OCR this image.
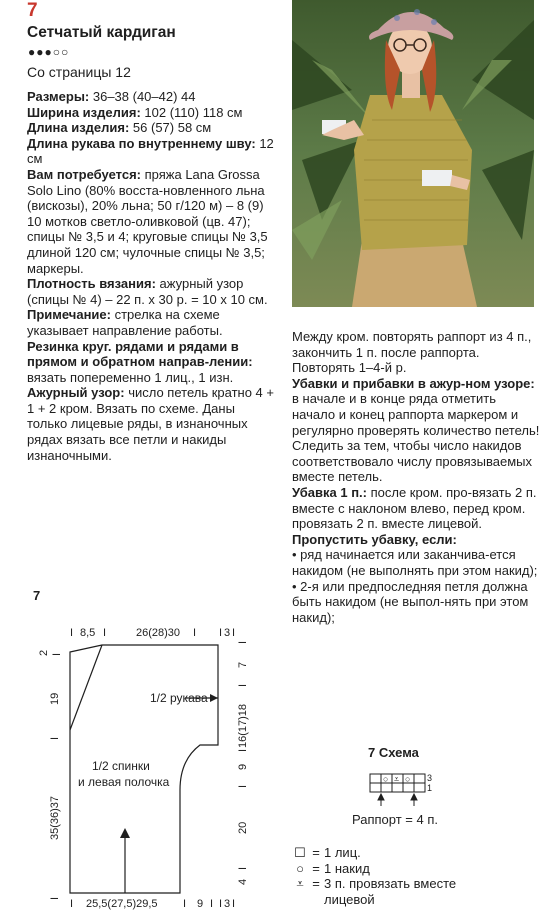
7
Сетчатый кардиган
●●●○○
Со страницы 12

Размеры: 36–38 (40–42) 44

Ширина изделия: 102 (110) 118 см

Длина изделия: 56 (57) 58 см

Длина рукава по внутреннему шву: 12 см

Вам потребуется: пряжа Lana Grossa Solo Lino (80% восста-новленного льна (вискозы), 20% льна; 50 г/120 м) – 8 (9) 10 мотков светло-оливковой (цв. 47); спицы № 3,5 и 4; круговые спицы № 3,5 длиной 120 см; чулочные спицы № 3,5; маркеры.

Плотность вязания: ажурный узор (спицы № 4) – 22 п. х 30 р. = 10 х 10 см.

Примечание: стрелка на схеме указывает направление работы.

Резинка круг. рядами и рядами в прямом и обратном направ-лении: вязать попеременно 1 лиц., 1 изн.

Ажурный узор: число петель кратно 4 + 1 + 2 кром. Вязать по схеме. Даны только лицевые ряды, в изнаночных рядах вязать все петли и накиды изнаночными.

Между кром. повторять раппорт из 4 п., закончить 1 п. после раппорта.

Повторять 1–4-й р.

Убавки и прибавки в ажур-ном узоре: в начале и в конце ряда отметить начало и конец раппорта маркером и регулярно проверять количество петель! Следить за тем, чтобы число накидов соответствовало числу провязываемых вместе петель.

Убавка 1 п.: после кром. про-вязать 2 п. вместе с наклоном влево, перед кром. провязать 2 п. вместе лицевой.

Пропустить убавку, если:

• ряд начинается или заканчива-ется накидом (не выполнять при этом накид);

• 2-я или предпоследняя петля должна быть накидом (не выпол-нять при этом накид);

7
I 8,5 I	26(28)30 I I 3 I
I 25,5(27,5)29,5 I 9 I I 3 I
2 I
19
I
35(36)37
I
I
7
I
16(17)18
I
9
I
20
I
4
1/2 рукава
1/2 спинки
и левая полочка
7 Схема
○ ⩡ ○ 3
1
Раппорт = 4 п.
☐ = 1 лиц.
○ = 1 накид
⩡ = 3 п. провязать вместе лицевой
